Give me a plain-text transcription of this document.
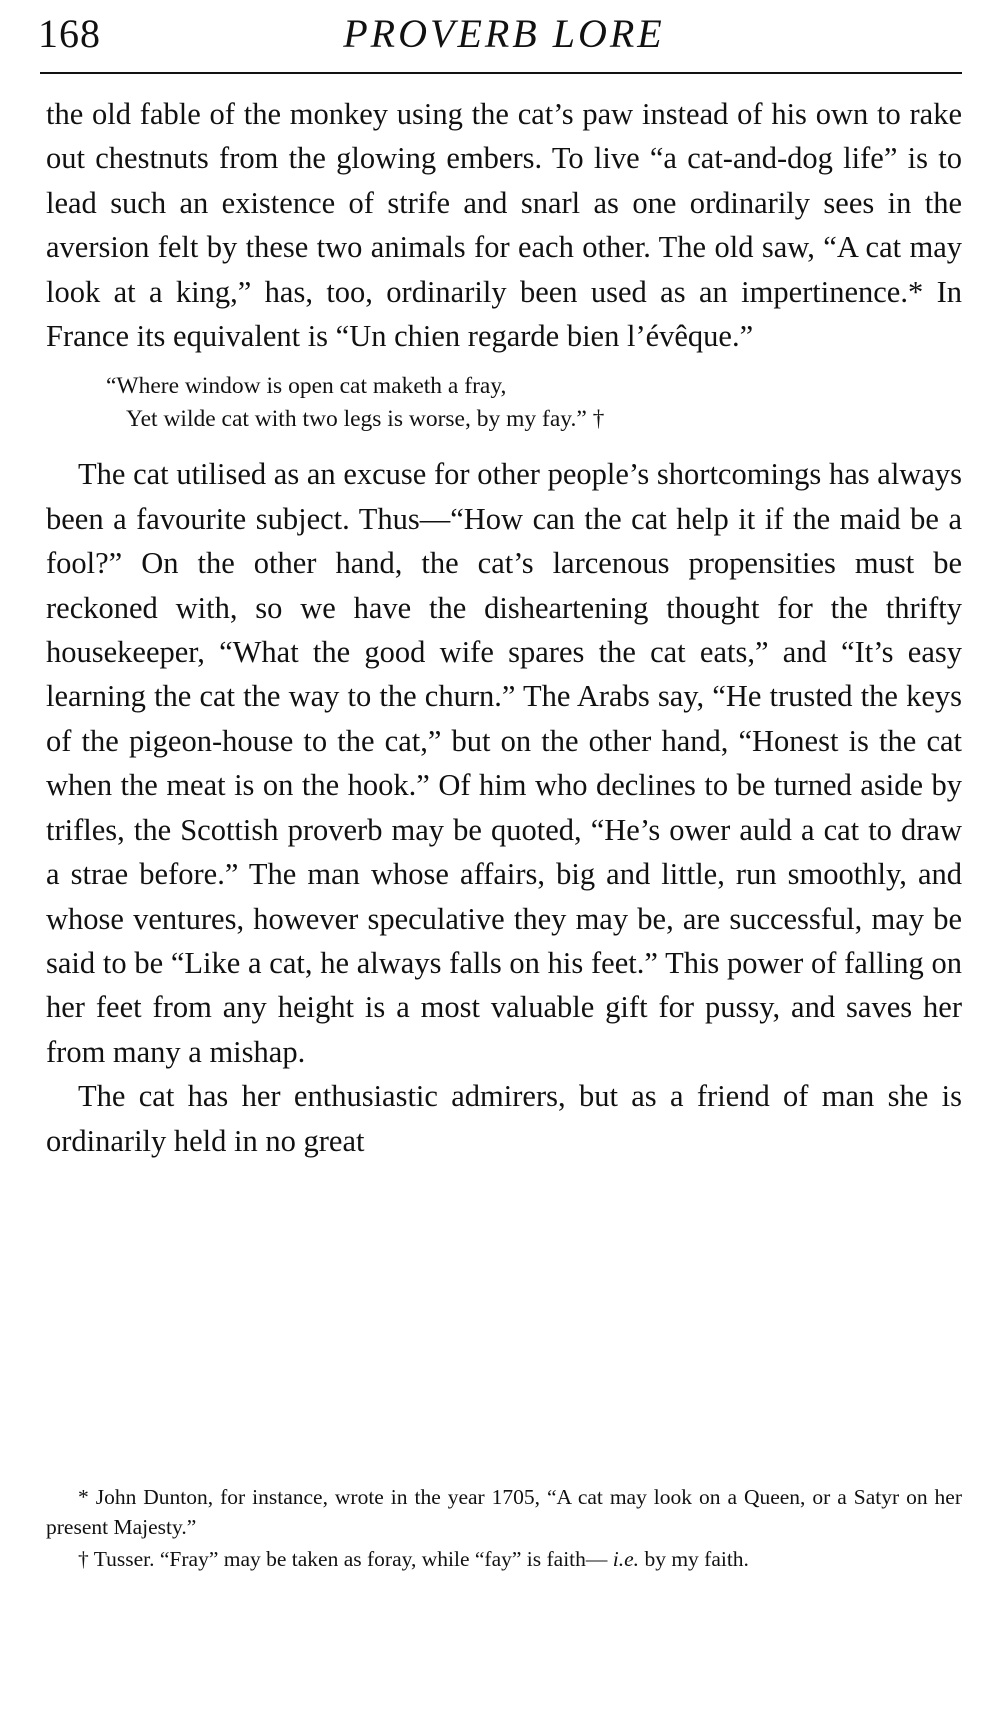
168	PROVERB LORE

the old fable of the monkey using the cat’s paw instead of his own to rake out chestnuts from the glowing embers. To live “a cat-and-dog life” is to lead such an existence of strife and snarl as one ordinarily sees in the aversion felt by these two animals for each other. The old saw, “A cat may look at a king,” has, too, ordinarily been used as an impertinence.* In France its equivalent is “Un chien regarde bien l’évêque.”

“Where window is open cat maketh a fray,
Yet wilde cat with two legs is worse, by my fay.” †

The cat utilised as an excuse for other people’s shortcomings has always been a favourite subject. Thus—“How can the cat help it if the maid be a fool?” On the other hand, the cat’s larcenous propensities must be reckoned with, so we have the disheartening thought for the thrifty housekeeper, “What the good wife spares the cat eats,” and “It’s easy learning the cat the way to the churn.” The Arabs say, “He trusted the keys of the pigeon-house to the cat,” but on the other hand, “Honest is the cat when the meat is on the hook.” Of him who declines to be turned aside by trifles, the Scottish proverb may be quoted, “He’s ower auld a cat to draw a strae before.” The man whose affairs, big and little, run smoothly, and whose ventures, however speculative they may be, are successful, may be said to be “Like a cat, he always falls on his feet.” This power of falling on her feet from any height is a most valuable gift for pussy, and saves her from many a mishap.

The cat has her enthusiastic admirers, but as a friend of man she is ordinarily held in no great

* John Dunton, for instance, wrote in the year 1705, “A cat may look on a Queen, or a Satyr on her present Majesty.”

† Tusser. “Fray” may be taken as foray, while “fay” is faith— i.e. by my faith.
